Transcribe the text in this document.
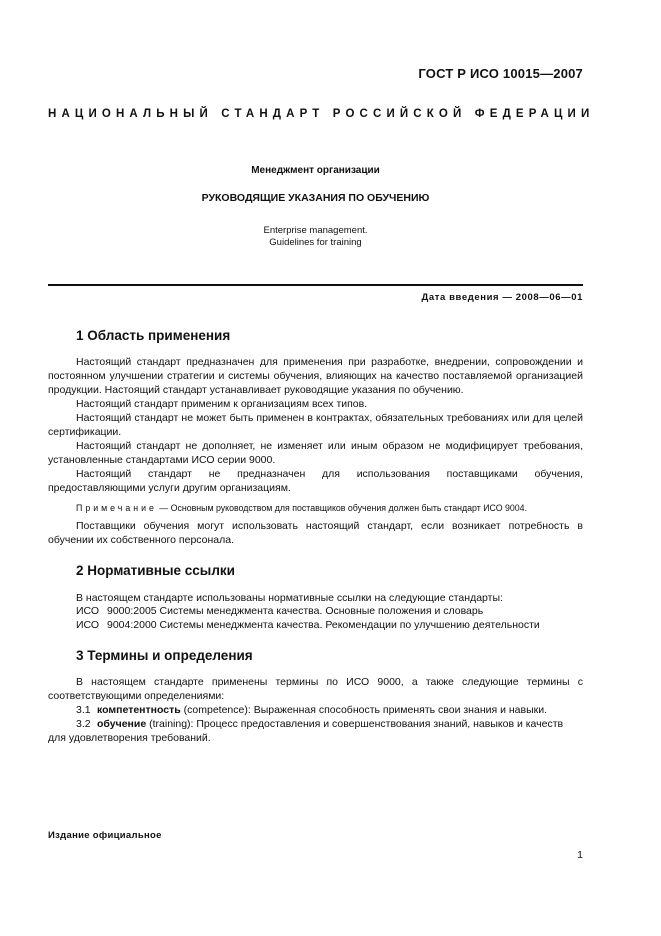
ГОСТ Р ИСО 10015—2007
НАЦИОНАЛЬНЫЙ СТАНДАРТ РОССИЙСКОЙ ФЕДЕРАЦИИ
Менеджмент организации
РУКОВОДЯЩИЕ УКАЗАНИЯ ПО ОБУЧЕНИЮ
Enterprise management.
Guidelines for training
Дата введения — 2008—06—01
1 Область применения

Настоящий стандарт предназначен для применения при разработке, внедрении, сопровождении и постоянном улучшении стратегии и системы обучения, влияющих на качество поставляемой организацией продукции. Настоящий стандарт устанавливает руководящие указания по обучению.

Настоящий стандарт применим к организациям всех типов.

Настоящий стандарт не может быть применен в контрактах, обязательных требованиях или для целей сертификации.

Настоящий стандарт не дополняет, не изменяет или иным образом не модифицирует требования, установленные стандартами ИСО серии 9000.

Настоящий стандарт не предназначен для использования поставщиками обучения, предоставляющими услуги другим организациям.

Примечание — Основным руководством для поставщиков обучения должен быть стандарт ИСО 9004.

Поставщики обучения могут использовать настоящий стандарт, если возникает потребность в обучении их собственного персонала.

2 Нормативные ссылки

В настоящем стандарте использованы нормативные ссылки на следующие стандарты:

ИСО 9000:2005 Системы менеджмента качества. Основные положения и словарь
ИСО 9004:2000 Системы менеджмента качества. Рекомендации по улучшению деятельности
3 Термины и определения

В настоящем стандарте применены термины по ИСО 9000, а также следующие термины с соответствующими определениями:

3.1 компетентность (competence): Выраженная способность применять свои знания и навыки.
3.2 обучение (training): Процесс предоставления и совершенствования знаний, навыков и качеств
для удовлетворения требований.
Издание официальное
1
